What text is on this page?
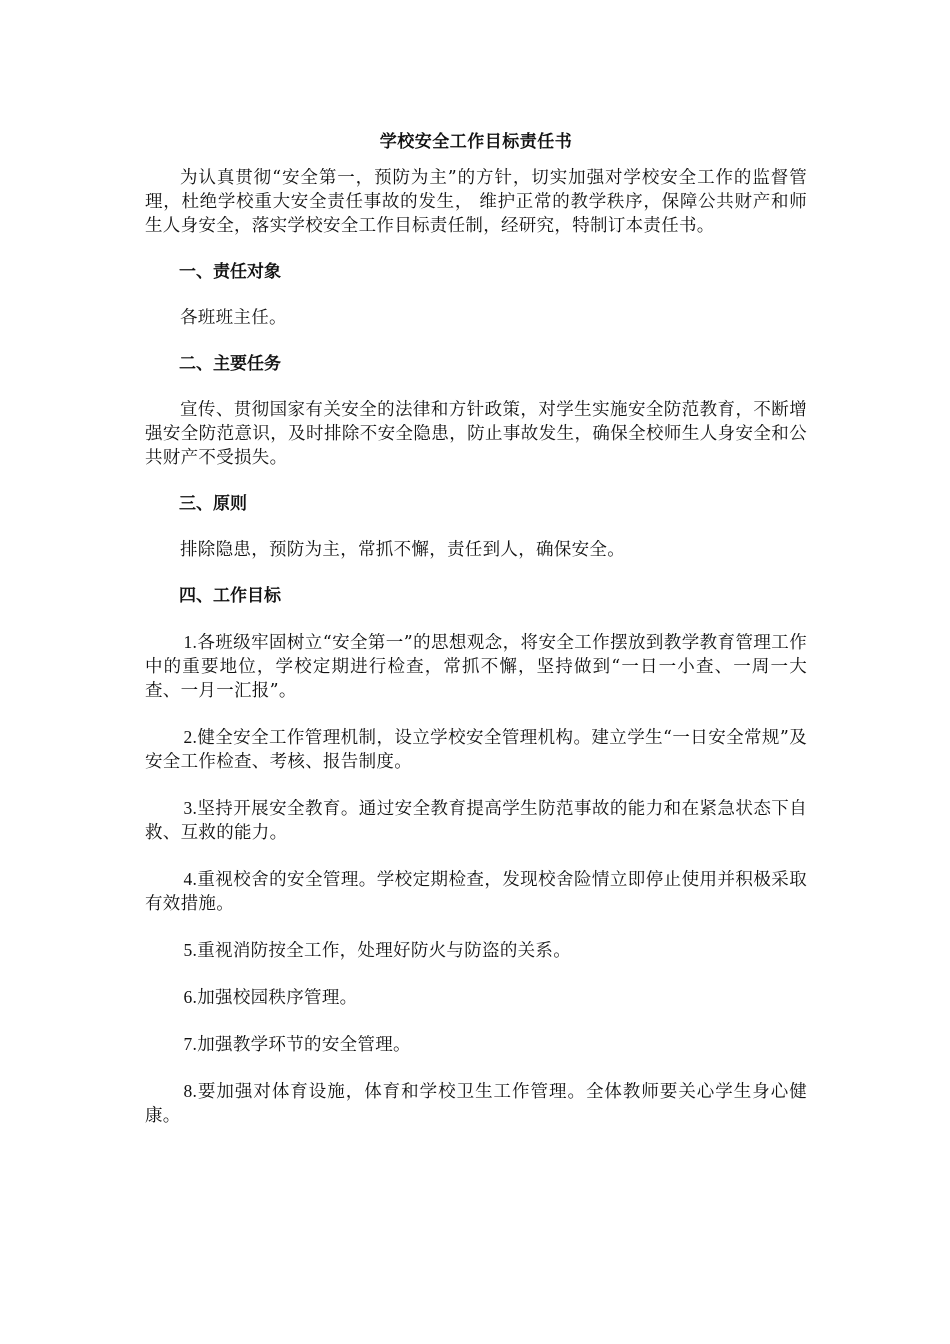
学校安全工作目标责任书

为认真贯彻“安全第一，预防为主”的方针，切实加强对学校安全工作的监督管理，杜绝学校重大安全责任事故的发生， 维护正常的教学秩序，保障公共财产和师生人身安全，落实学校安全工作目标责任制，经研究，特制订本责任书。

一、责任对象

各班班主任。

二、主要任务

宣传、贯彻国家有关安全的法律和方针政策，对学生实施安全防范教育，不断增强安全防范意识，及时排除不安全隐患，防止事故发生，确保全校师生人身安全和公共财产不受损失。

三、原则

排除隐患，预防为主，常抓不懈，责任到人，确保安全。

四、工作目标

1.各班级牢固树立“安全第一”的思想观念，将安全工作摆放到教学教育管理工作中的重要地位，学校定期进行检查，常抓不懈，坚持做到“一日一小查、一周一大查、一月一汇报”。

2.健全安全工作管理机制，设立学校安全管理机构。建立学生“一日安全常规”及安全工作检查、考核、报告制度。

3.坚持开展安全教育。通过安全教育提高学生防范事故的能力和在紧急状态下自救、互救的能力。

4.重视校舍的安全管理。学校定期检查，发现校舍险情立即停止使用并积极采取有效措施。

5.重视消防按全工作，处理好防火与防盗的关系。

6.加强校园秩序管理。

7.加强教学环节的安全管理。

8.要加强对体育设施，体育和学校卫生工作管理。全体教师要关心学生身心健康。
